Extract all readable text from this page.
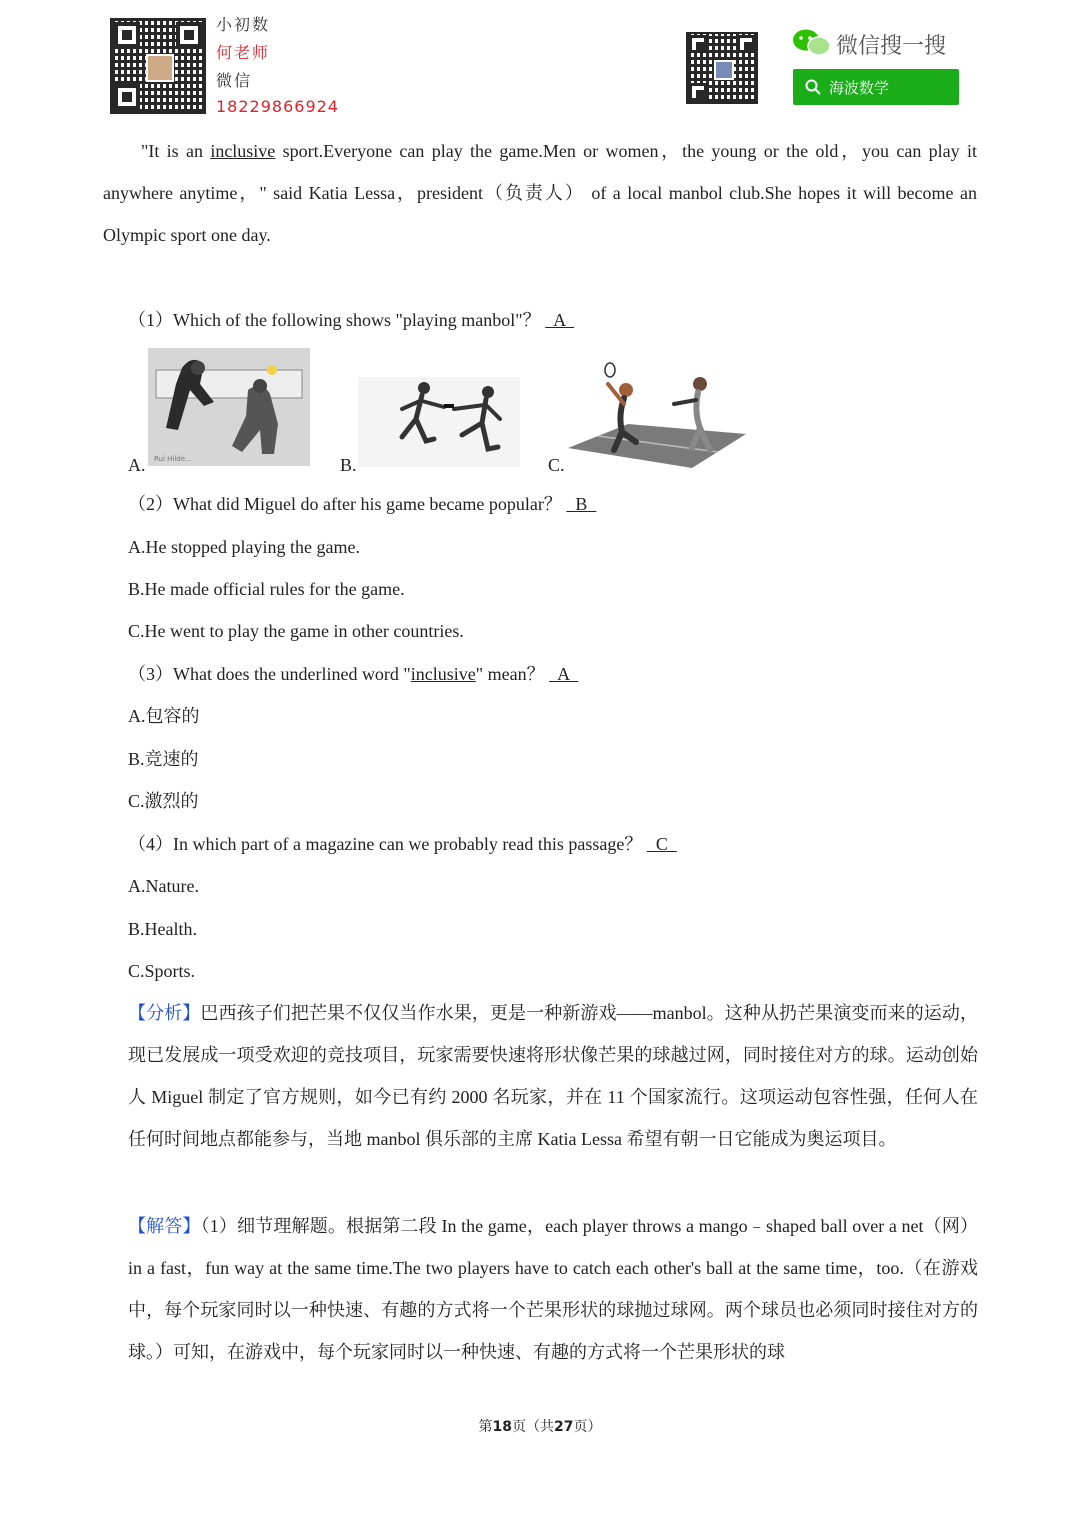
小初数
何老师
微信
18229866924
微信搜一搜
海波数学
"It is an inclusive sport.Everyone can play the game.Men or women，the young or the old，you can play it anywhere anytime，" said Katia Lessa，president（负责人） of a local manbol club.She hopes it will become an Olympic sport one day.
（1）Which of the following shows "playing manbol"？ A
A. Rui Hilde...	B.	C.
（2）What did Miguel do after his game became popular？ B
A.He stopped playing the game.
B.He made official rules for the game.
C.He went to play the game in other countries.
（3）What does the underlined word "inclusive" mean？ A
A.包容的
B.竞速的
C.激烈的
（4）In which part of a magazine can we probably read this passage？ C
A.Nature.
B.Health.
C.Sports.
【分析】巴西孩子们把芒果不仅仅当作水果，更是一种新游戏——manbol。这种从扔芒果演变而来的运动，现已发展成一项受欢迎的竞技项目，玩家需要快速将形状像芒果的球越过网，同时接住对方的球。运动创始人 Miguel 制定了官方规则，如今已有约 2000 名玩家，并在 11 个国家流行。这项运动包容性强，任何人在任何时间地点都能参与，当地 manbol 俱乐部的主席 Katia Lessa 希望有朝一日它能成为奥运项目。
【解答】（1）细节理解题。根据第二段 In the game，each player throws a mango﹣shaped ball over a net（网） in a fast，fun way at the same time.The two players have to catch each other's ball at the same time，too.（在游戏中，每个玩家同时以一种快速、有趣的方式将一个芒果形状的球抛过球网。两个球员也必须同时接住对方的球。）可知，在游戏中，每个玩家同时以一种快速、有趣的方式将一个芒果形状的球
第18页（共27页）
